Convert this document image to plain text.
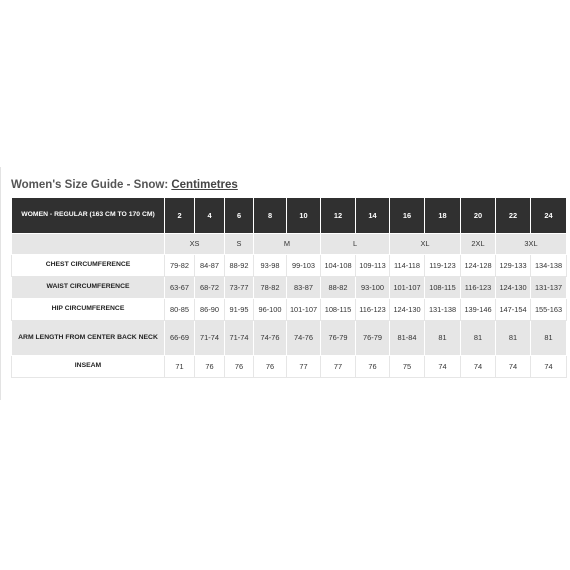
Women's Size Guide - Snow: Centimetres
WOMEN - REGULAR (163 CM TO 170 CM)	2	4	6	8	10	12	14	16	18	20	22	24
	XS		S	M		L		XL		2XL	3XL	
CHEST CIRCUMFERENCE	79-82	84-87	88-92	93-98	99-103	104-108	109-113	114-118	119-123	124-128	129-133	134-138
WAIST CIRCUMFERENCE	63-67	68-72	73-77	78-82	83-87	88-82	93-100	101-107	108-115	116-123	124-130	131-137
HIP CIRCUMFERENCE	80-85	86-90	91-95	96-100	101-107	108-115	116-123	124-130	131-138	139-146	147-154	155-163
ARM LENGTH FROM CENTER BACK NECK	66-69	71-74	71-74	74-76	74-76	76-79	76-79	81-84	81	81	81	81
INSEAM	71	76	76	76	77	77	76	75	74	74	74	74
